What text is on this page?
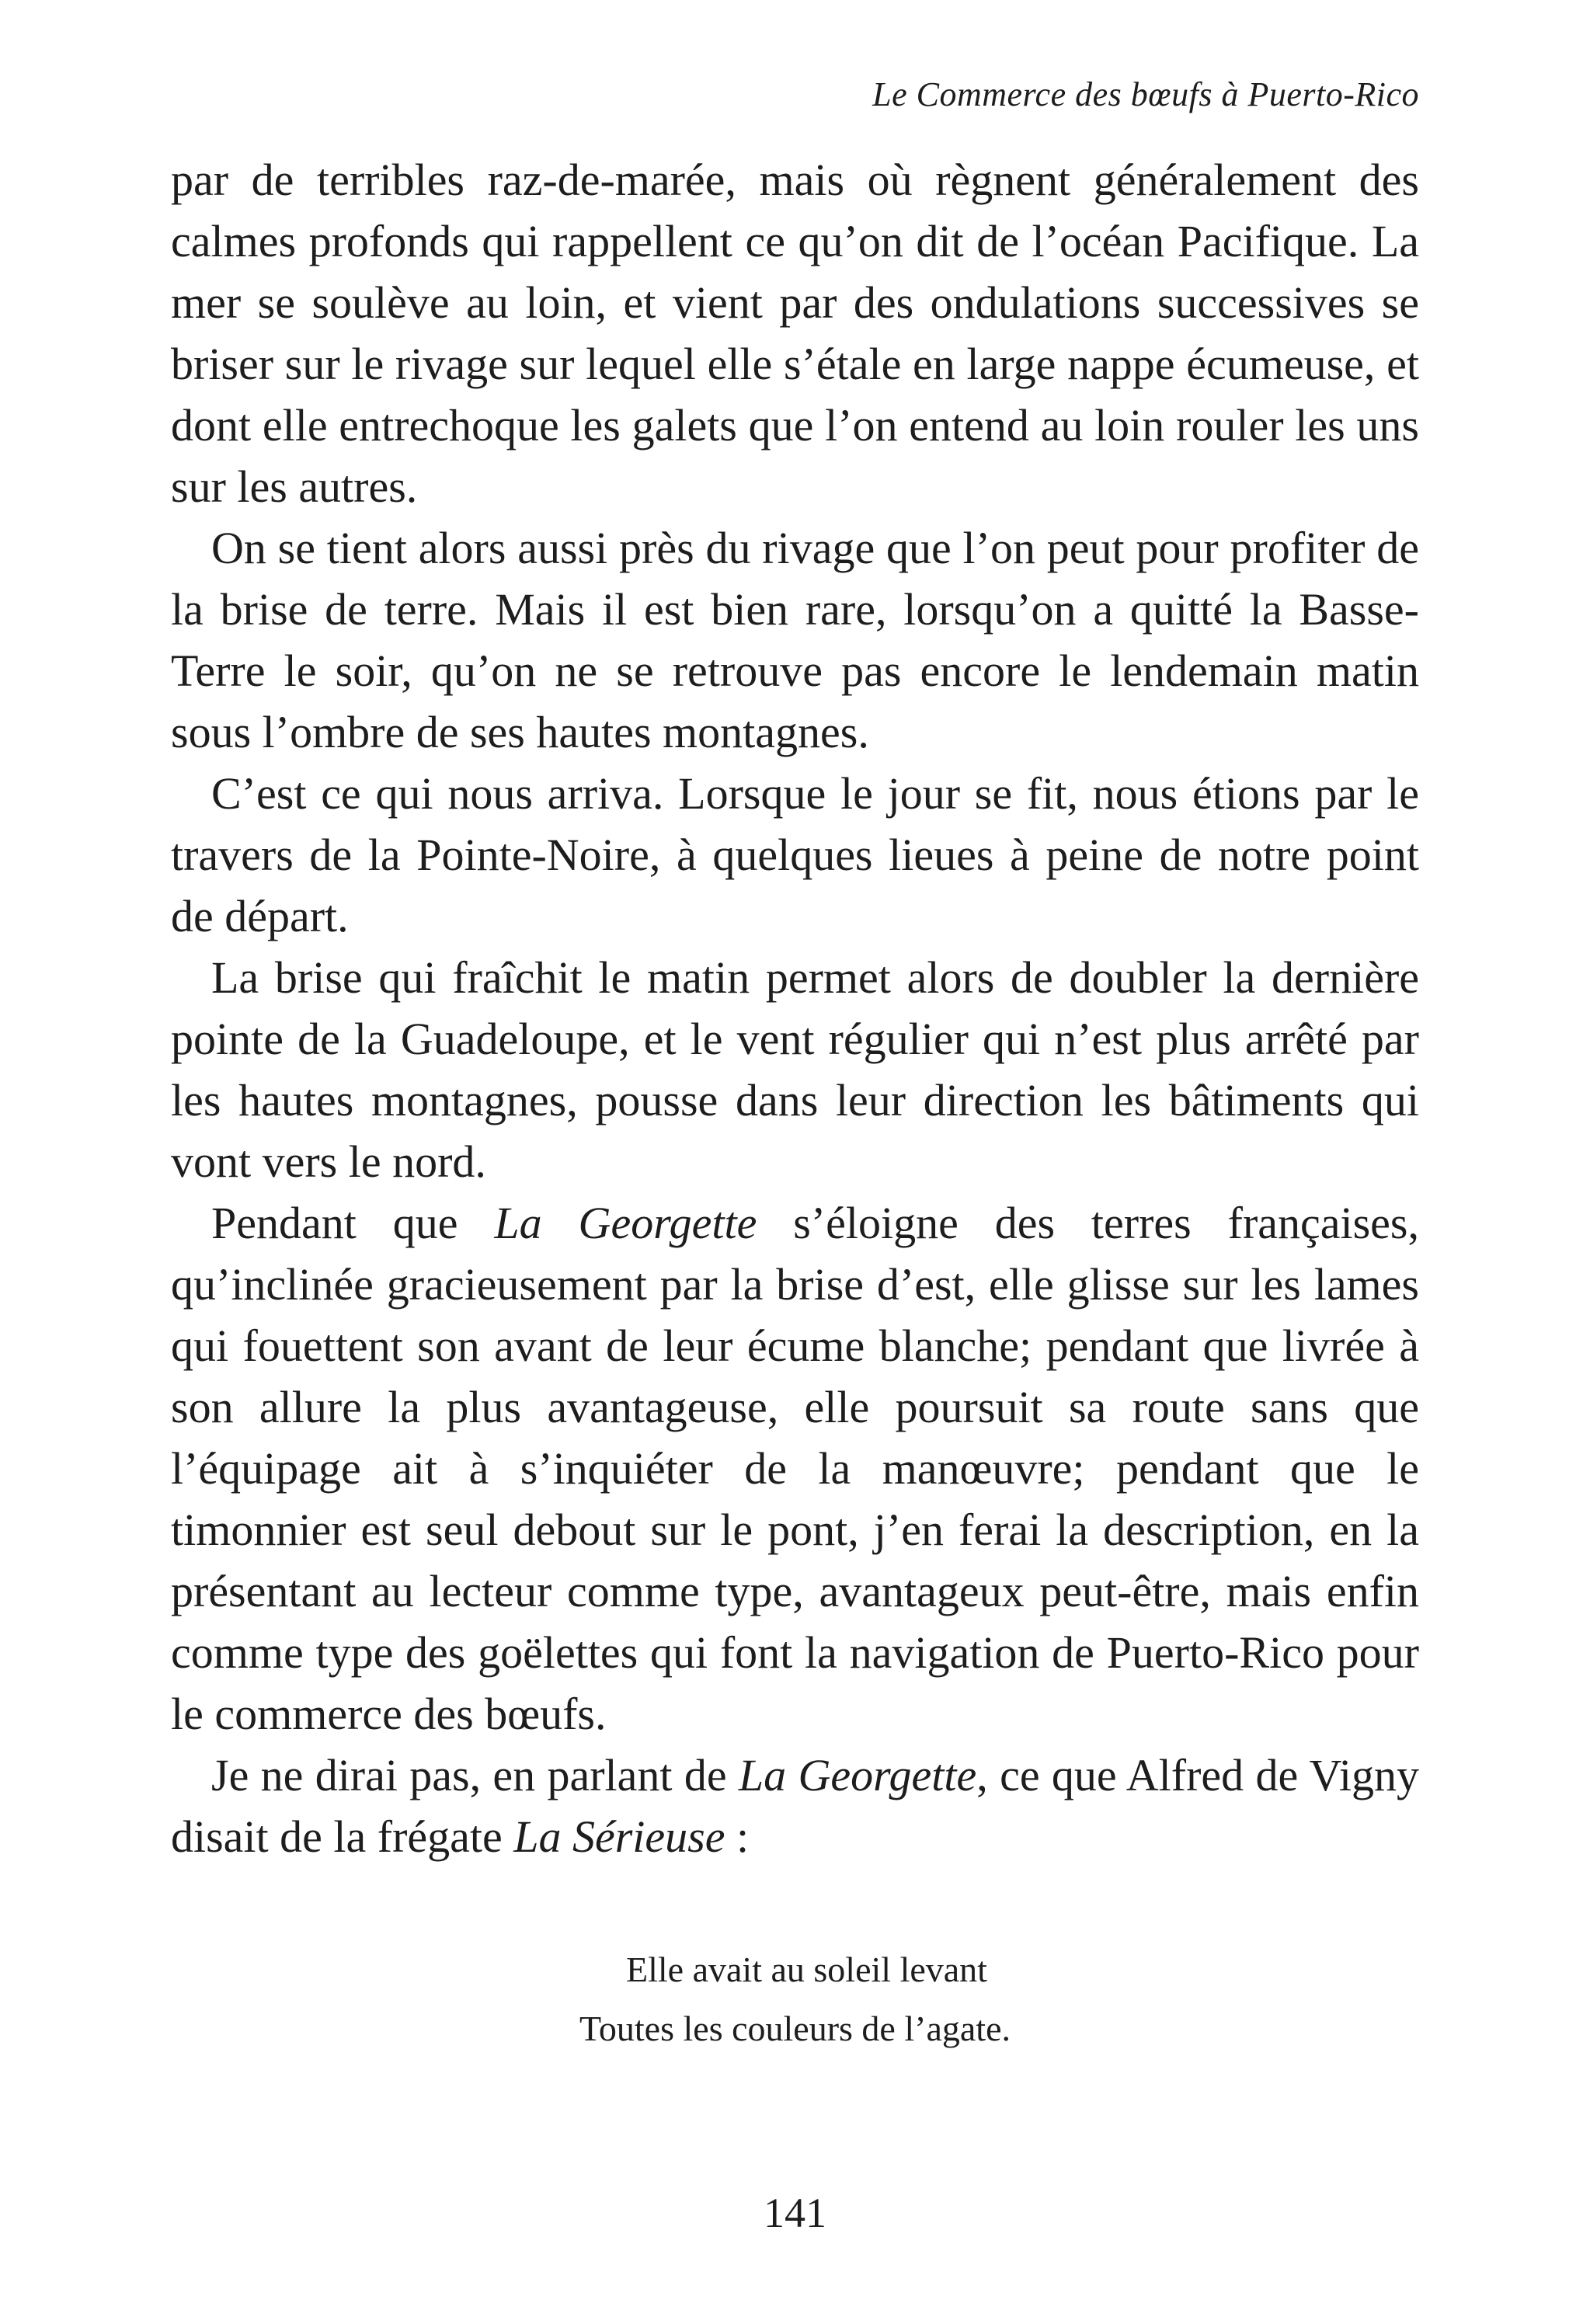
Le Commerce des bœufs à Puerto-Rico

par de terribles raz-de-marée, mais où règnent généralement des calmes profonds qui rappellent ce qu’on dit de l’océan Pacifique. La mer se soulève au loin, et vient par des ondulations successives se briser sur le rivage sur lequel elle s’étale en large nappe écumeuse, et dont elle entrechoque les galets que l’on entend au loin rouler les uns sur les autres.

On se tient alors aussi près du rivage que l’on peut pour profiter de la brise de terre. Mais il est bien rare, lorsqu’on a quitté la Basse-Terre le soir, qu’on ne se retrouve pas encore le lendemain matin sous l’ombre de ses hautes montagnes.

C’est ce qui nous arriva. Lorsque le jour se fit, nous étions par le travers de la Pointe-Noire, à quelques lieues à peine de notre point de départ.

La brise qui fraîchit le matin permet alors de doubler la dernière pointe de la Guadeloupe, et le vent régulier qui n’est plus arrêté par les hautes montagnes, pousse dans leur direction les bâtiments qui vont vers le nord.

Pendant que La Georgette s’éloigne des terres françaises, qu’inclinée gracieusement par la brise d’est, elle glisse sur les lames qui fouettent son avant de leur écume blanche; pendant que livrée à son allure la plus avantageuse, elle poursuit sa route sans que l’équipage ait à s’inquiéter de la manœuvre; pendant que le timonnier est seul debout sur le pont, j’en ferai la description, en la présentant au lecteur comme type, avantageux peut-être, mais enfin comme type des goëlettes qui font la navigation de Puerto-Rico pour le commerce des bœufs.

Je ne dirai pas, en parlant de La Georgette, ce que Alfred de Vigny disait de la frégate La Sérieuse :

Elle avait au soleil levant
Toutes les couleurs de l’agate.
141
